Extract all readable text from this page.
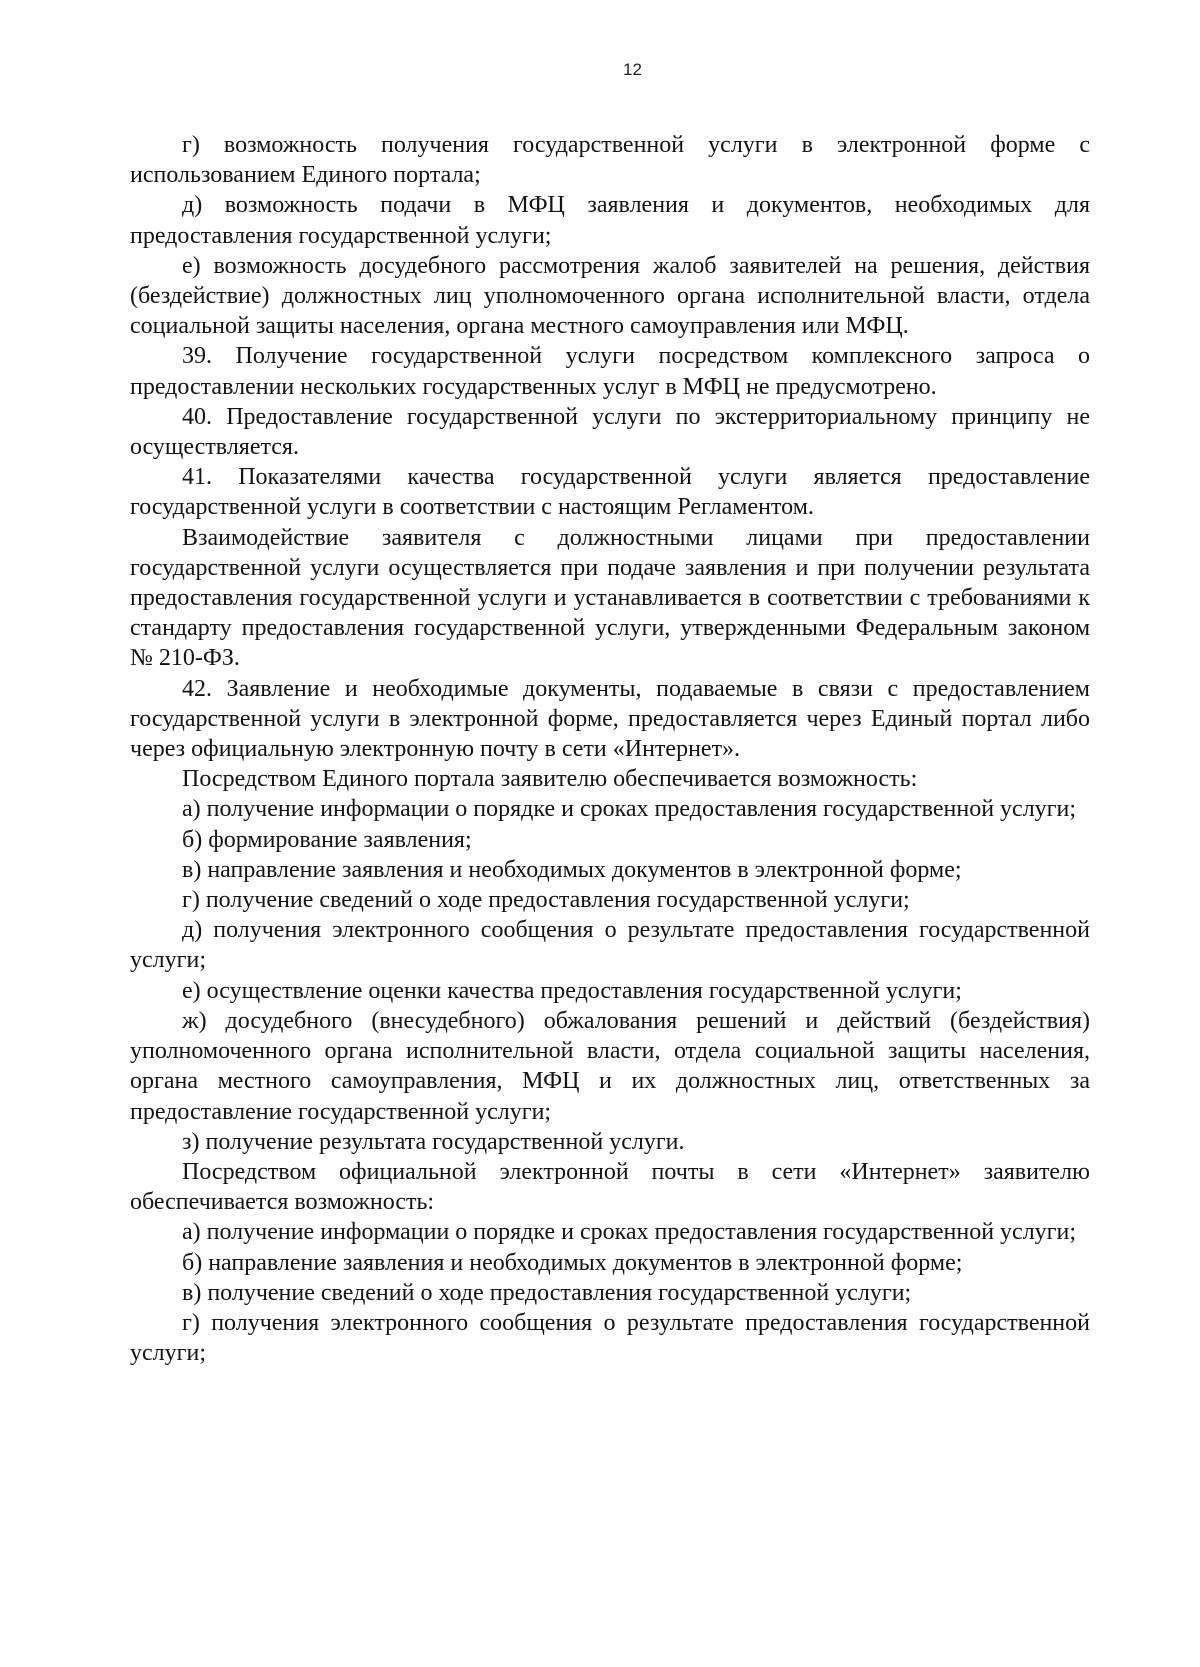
12

г) возможность получения государственной услуги в электронной форме с использованием Единого портала;

д) возможность подачи в МФЦ заявления и документов, необходимых для предоставления государственной услуги;

е) возможность досудебного рассмотрения жалоб заявителей на решения, действия (бездействие) должностных лиц уполномоченного органа исполнительной власти, отдела социальной защиты населения, органа местного самоуправления или МФЦ.

39. Получение государственной услуги посредством комплексного запроса о предоставлении нескольких государственных услуг в МФЦ не предусмотрено.

40. Предоставление государственной услуги по экстерриториальному принципу не осуществляется.

41. Показателями качества государственной услуги является предоставление государственной услуги в соответствии с настоящим Регламентом.

Взаимодействие заявителя с должностными лицами при предоставлении государственной услуги осуществляется при подаче заявления и при получении результата предоставления государственной услуги и устанавливается в соответствии с требованиями к стандарту предоставления государственной услуги, утвержденными Федеральным законом № 210-ФЗ.

42. Заявление и необходимые документы, подаваемые в связи с предоставлением государственной услуги в электронной форме, предоставляется через Единый портал либо через официальную электронную почту в сети «Интернет».

Посредством Единого портала заявителю обеспечивается возможность:

а) получение информации о порядке и сроках предоставления государственной услуги;

б) формирование заявления;

в) направление заявления и необходимых документов в электронной форме;

г) получение сведений о ходе предоставления государственной услуги;

д) получения электронного сообщения о результате предоставления государственной услуги;

е) осуществление оценки качества предоставления государственной услуги;

ж) досудебного (внесудебного) обжалования решений и действий (бездействия) уполномоченного органа исполнительной власти, отдела социальной защиты населения, органа местного самоуправления, МФЦ и их должностных лиц, ответственных за предоставление государственной услуги;

з) получение результата государственной услуги.

Посредством официальной электронной почты в сети «Интернет» заявителю обеспечивается возможность:

а) получение информации о порядке и сроках предоставления государственной услуги;

б) направление заявления и необходимых документов в электронной форме;

в) получение сведений о ходе предоставления государственной услуги;

г) получения электронного сообщения о результате предоставления государственной услуги;
